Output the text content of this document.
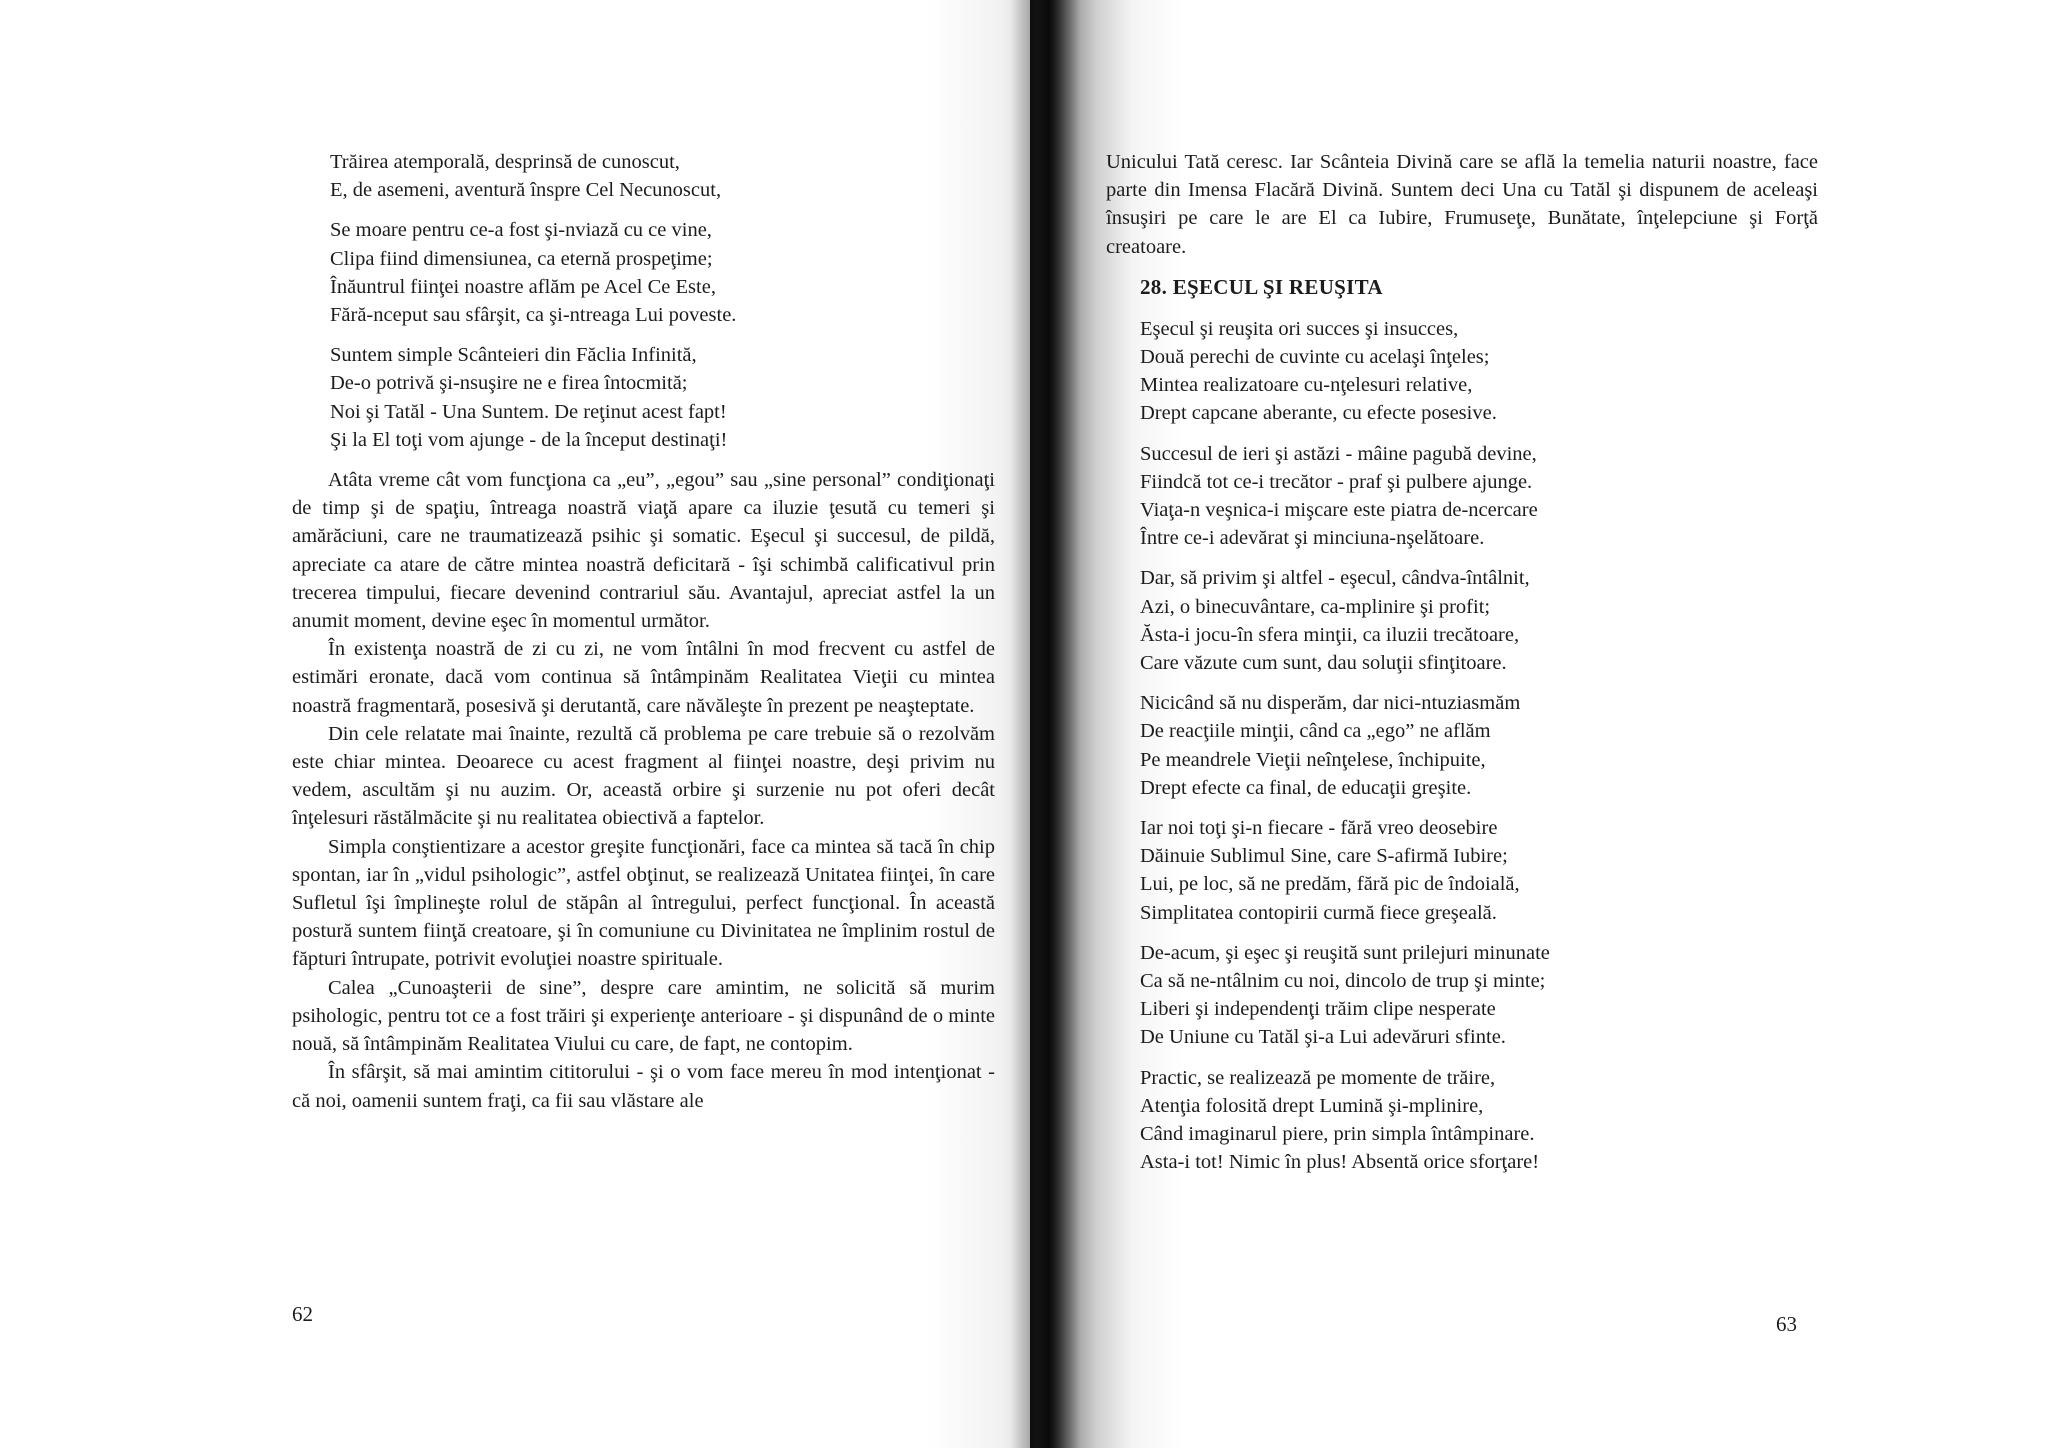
Trăirea atemporală, desprinsă de cunoscut,
E, de asemeni, aventură înspre Cel Necunoscut,
Se moare pentru ce-a fost şi-nviază cu ce vine,
Clipa fiind dimensiunea, ca eternă prospeţime;
Înăuntrul fiinţei noastre aflăm pe Acel Ce Este,
Fără-nceput sau sfârşit, ca şi-ntreaga Lui poveste.
Suntem simple Scânteieri din Făclia Infinită,
De-o potrivă şi-nsuşire ne e firea întocmită;
Noi şi Tatăl - Una Suntem. De reţinut acest fapt!
Şi la El toţi vom ajunge - de la început destinaţi!

Atâta vreme cât vom funcţiona ca „eu”, „egou” sau „sine personal” condiţionaţi de timp şi de spaţiu, întreaga noastră viaţă apare ca iluzie ţesută cu temeri şi amărăciuni, care ne traumatizează psihic şi somatic. Eşecul şi succesul, de pildă, apreciate ca atare de către mintea noastră deficitară - îşi schimbă calificativul prin trecerea timpului, fiecare devenind contrariul său. Avantajul, apreciat astfel la un anumit moment, devine eşec în momentul următor.

În existenţa noastră de zi cu zi, ne vom întâlni în mod frecvent cu astfel de estimări eronate, dacă vom continua să întâmpinăm Realitatea Vieţii cu mintea noastră fragmentară, posesivă şi derutantă, care năvăleşte în prezent pe neaşteptate.

Din cele relatate mai înainte, rezultă că problema pe care trebuie să o rezolvăm este chiar mintea. Deoarece cu acest fragment al fiinţei noastre, deşi privim nu vedem, ascultăm şi nu auzim. Or, această orbire şi surzenie nu pot oferi decât înţelesuri răstălmăcite şi nu realitatea obiectivă a faptelor.

Simpla conştientizare a acestor greşite funcţionări, face ca mintea să tacă în chip spontan, iar în „vidul psihologic”, astfel obţinut, se realizează Unitatea fiinţei, în care Sufletul îşi împlineşte rolul de stăpân al întregului, perfect funcţional. În această postură suntem fiinţă creatoare, şi în comuniune cu Divinitatea ne împlinim rostul de făpturi întrupate, potrivit evoluţiei noastre spirituale.

Calea „Cunoaşterii de sine”, despre care amintim, ne solicită să murim psihologic, pentru tot ce a fost trăiri şi experienţe anterioare - şi dispunând de o minte nouă, să întâmpinăm Realitatea Viului cu care, de fapt, ne contopim.

În sfârşit, să mai amintim cititorului - şi o vom face mereu în mod intenţionat - că noi, oamenii suntem fraţi, ca fii sau vlăstare ale

62

Unicului Tată ceresc. Iar Scânteia Divină care se află la temelia naturii noastre, face parte din Imensa Flacără Divină. Suntem deci Una cu Tatăl şi dispunem de aceleaşi însuşiri pe care le are El ca Iubire, Frumuseţe, Bunătate, înţelepciune şi Forţă creatoare.

28. EŞECUL ŞI REUŞITA
Eşecul şi reuşita ori succes şi insucces,
Două perechi de cuvinte cu acelaşi înţeles;
Mintea realizatoare cu-nţelesuri relative,
Drept capcane aberante, cu efecte posesive.
Succesul de ieri şi astăzi - mâine pagubă devine,
Fiindcă tot ce-i trecător - praf şi pulbere ajunge.
Viaţa-n veşnica-i mişcare este piatra de-ncercare
Între ce-i adevărat şi minciuna-nşelătoare.
Dar, să privim şi altfel - eşecul, cândva-întâlnit,
Azi, o binecuvântare, ca-mplinire şi profit;
Ăsta-i jocu-în sfera minţii, ca iluzii trecătoare,
Care văzute cum sunt, dau soluţii sfinţitoare.
Nicicând să nu disperăm, dar nici-ntuziasmăm
De reacţiile minţii, când ca „ego” ne aflăm
Pe meandrele Vieţii neînţelese, închipuite,
Drept efecte ca final, de educaţii greşite.
Iar noi toţi şi-n fiecare - fără vreo deosebire
Dăinuie Sublimul Sine, care S-afirmă Iubire;
Lui, pe loc, să ne predăm, fără pic de îndoială,
Simplitatea contopirii curmă fiece greşeală.
De-acum, şi eşec şi reuşită sunt prilejuri minunate
Ca să ne-ntâlnim cu noi, dincolo de trup şi minte;
Liberi şi independenţi trăim clipe nesperate
De Uniune cu Tatăl şi-a Lui adevăruri sfinte.
Practic, se realizează pe momente de trăire,
Atenţia folosită drept Lumină şi-mplinire,
Când imaginarul piere, prin simpla întâmpinare.
Asta-i tot! Nimic în plus! Absentă orice sforţare!
63
